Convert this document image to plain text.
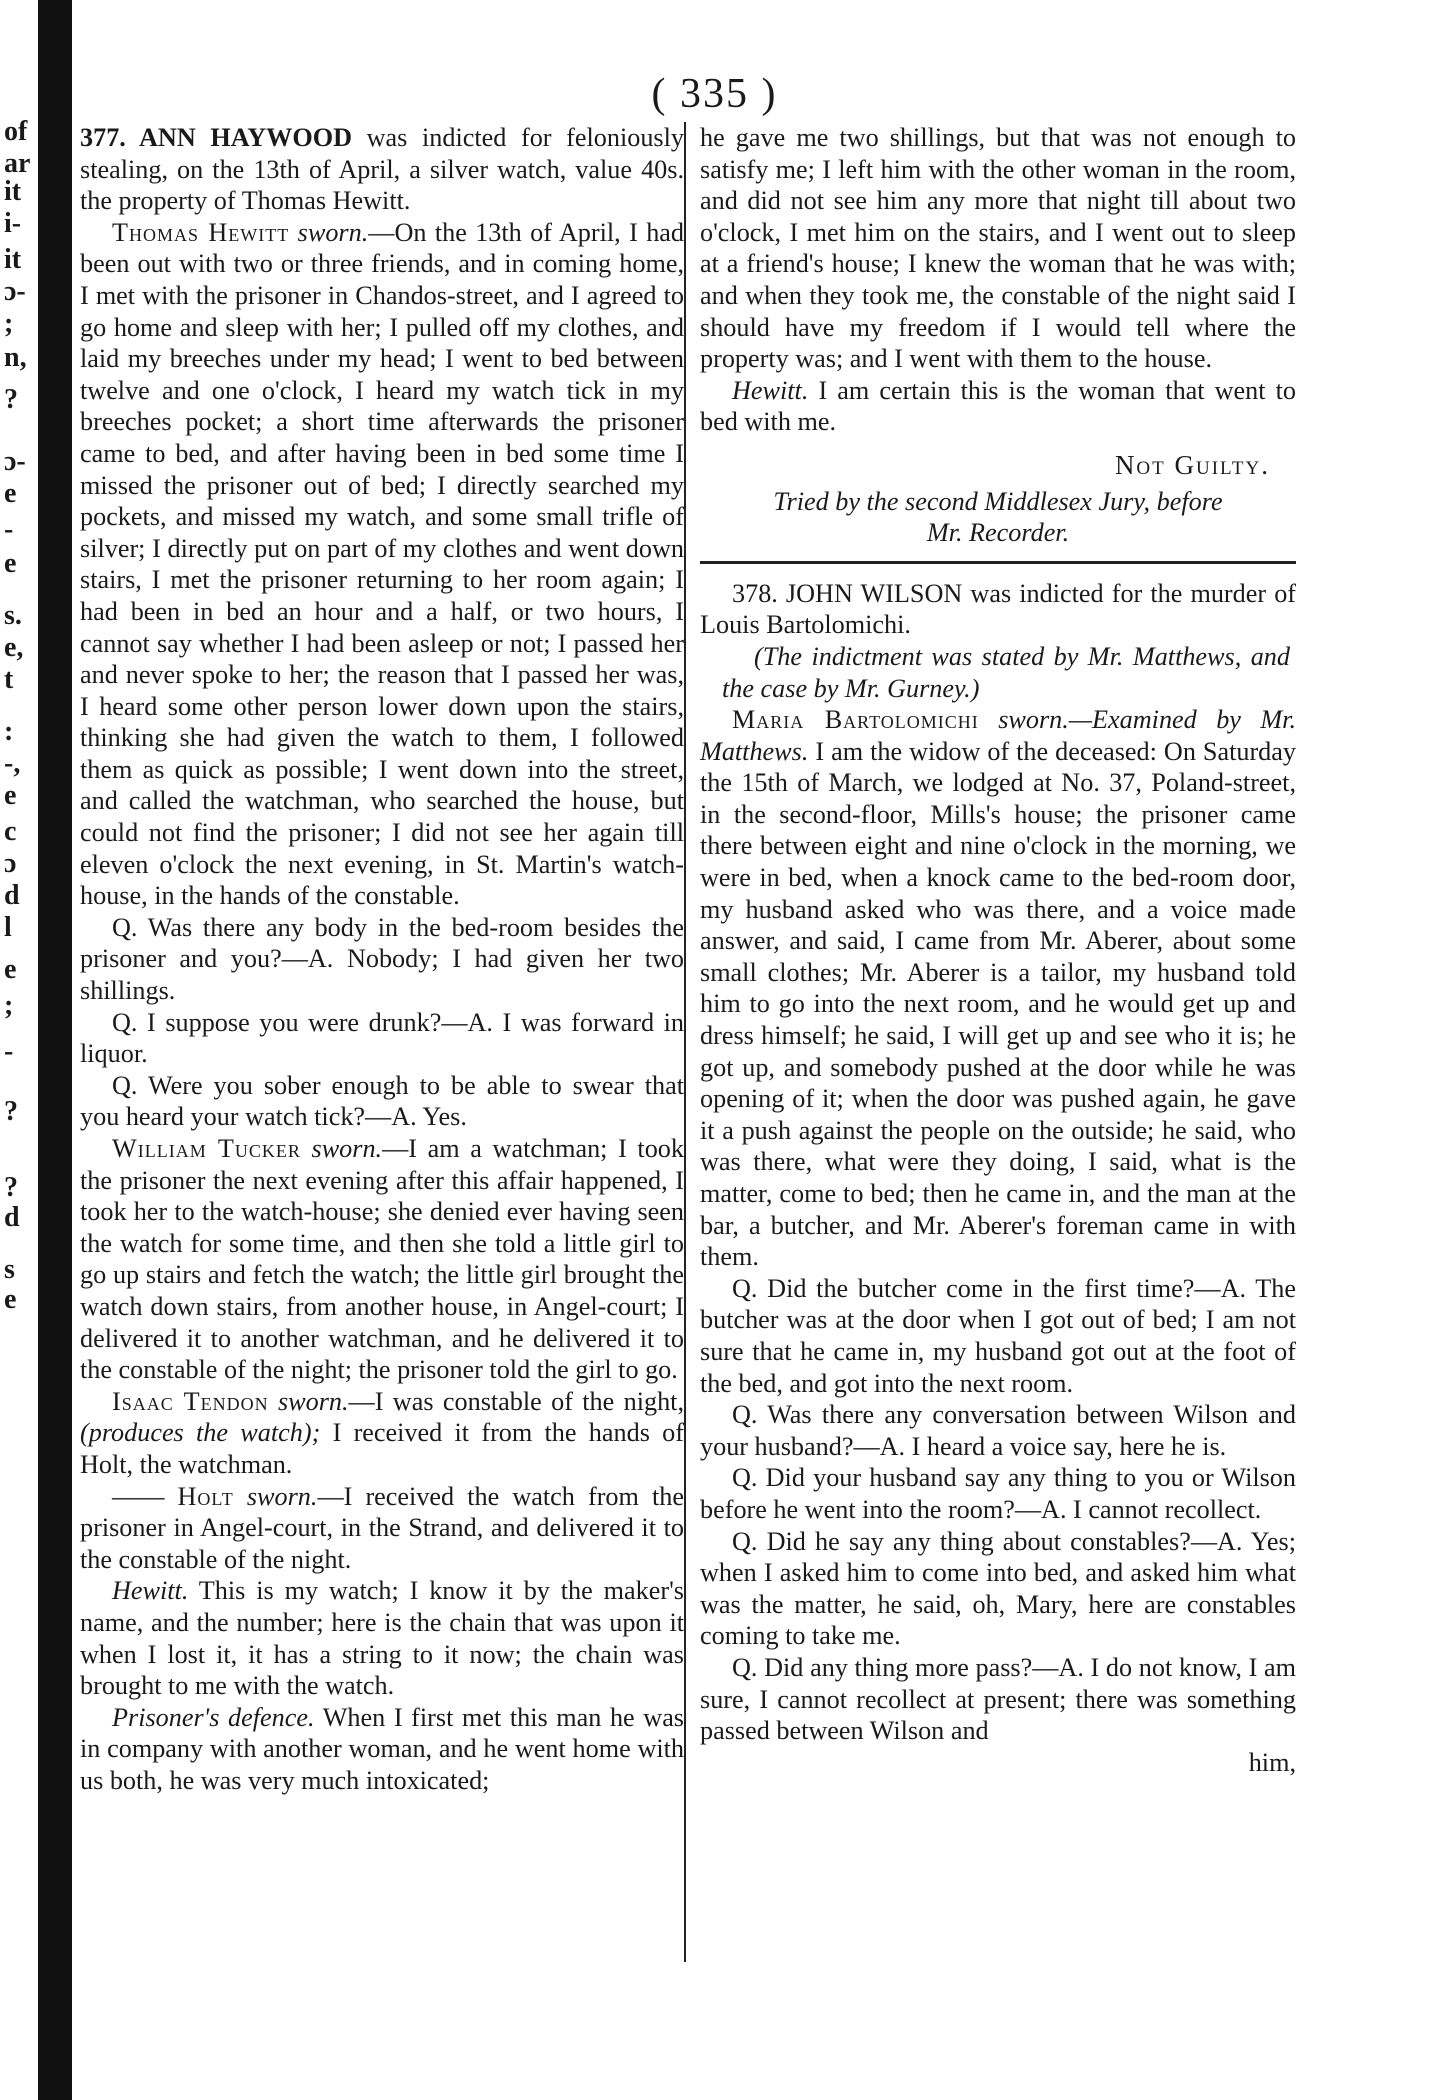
of
ar
it
i-
it
ɔ-
;
n,
?
ɔ-
e
-
e
s.
e,
t
:
-,
e
c
ɔ
d
l
e
;
-
?
?
d
s
e
( 335 )

377. ANN HAYWOOD was indicted for feloniously stealing, on the 13th of April, a silver watch, value 40s. the property of Thomas Hewitt.

Thomas Hewitt sworn.—On the 13th of April, I had been out with two or three friends, and in coming home, I met with the prisoner in Chandos-street, and I agreed to go home and sleep with her; I pulled off my clothes, and laid my breeches under my head; I went to bed between twelve and one o'clock, I heard my watch tick in my breeches pocket; a short time afterwards the prisoner came to bed, and after having been in bed some time I missed the prisoner out of bed; I directly searched my pockets, and missed my watch, and some small trifle of silver; I directly put on part of my clothes and went down stairs, I met the prisoner returning to her room again; I had been in bed an hour and a half, or two hours, I cannot say whether I had been asleep or not; I passed her and never spoke to her; the reason that I passed her was, I heard some other person lower down upon the stairs, thinking she had given the watch to them, I followed them as quick as possible; I went down into the street, and called the watchman, who searched the house, but could not find the prisoner; I did not see her again till eleven o'clock the next evening, in St. Martin's watch-house, in the hands of the constable.

Q. Was there any body in the bed-room besides the prisoner and you?—A. Nobody; I had given her two shillings.

Q. I suppose you were drunk?—A. I was forward in liquor.

Q. Were you sober enough to be able to swear that you heard your watch tick?—A. Yes.

William Tucker sworn.—I am a watchman; I took the prisoner the next evening after this affair happened, I took her to the watch-house; she denied ever having seen the watch for some time, and then she told a little girl to go up stairs and fetch the watch; the little girl brought the watch down stairs, from another house, in Angel-court; I delivered it to another watchman, and he delivered it to the constable of the night; the prisoner told the girl to go.

Isaac Tendon sworn.—I was constable of the night, (produces the watch); I received it from the hands of Holt, the watchman.

—— Holt sworn.—I received the watch from the prisoner in Angel-court, in the Strand, and delivered it to the constable of the night.

Hewitt. This is my watch; I know it by the maker's name, and the number; here is the chain that was upon it when I lost it, it has a string to it now; the chain was brought to me with the watch.

Prisoner's defence. When I first met this man he was in company with another woman, and he went home with us both, he was very much intoxicated;

he gave me two shillings, but that was not enough to satisfy me; I left him with the other woman in the room, and did not see him any more that night till about two o'clock, I met him on the stairs, and I went out to sleep at a friend's house; I knew the woman that he was with; and when they took me, the constable of the night said I should have my freedom if I would tell where the property was; and I went with them to the house.

Hewitt. I am certain this is the woman that went to bed with me.

Not Guilty.
Tried by the second Middlesex Jury, before
Mr. Recorder.

378. JOHN WILSON was indicted for the murder of Louis Bartolomichi.

(The indictment was stated by Mr. Matthews, and the case by Mr. Gurney.)

Maria Bartolomichi sworn.—Examined by Mr. Matthews. I am the widow of the deceased: On Saturday the 15th of March, we lodged at No. 37, Poland-street, in the second-floor, Mills's house; the prisoner came there between eight and nine o'clock in the morning, we were in bed, when a knock came to the bed-room door, my husband asked who was there, and a voice made answer, and said, I came from Mr. Aberer, about some small clothes; Mr. Aberer is a tailor, my husband told him to go into the next room, and he would get up and dress himself; he said, I will get up and see who it is; he got up, and somebody pushed at the door while he was opening of it; when the door was pushed again, he gave it a push against the people on the outside; he said, who was there, what were they doing, I said, what is the matter, come to bed; then he came in, and the man at the bar, a butcher, and Mr. Aberer's foreman came in with them.

Q. Did the butcher come in the first time?—A. The butcher was at the door when I got out of bed; I am not sure that he came in, my husband got out at the foot of the bed, and got into the next room.

Q. Was there any conversation between Wilson and your husband?—A. I heard a voice say, here he is.

Q. Did your husband say any thing to you or Wilson before he went into the room?—A. I cannot recollect.

Q. Did he say any thing about constables?—A. Yes; when I asked him to come into bed, and asked him what was the matter, he said, oh, Mary, here are constables coming to take me.

Q. Did any thing more pass?—A. I do not know, I am sure, I cannot recollect at present; there was something passed between Wilson and

him,
